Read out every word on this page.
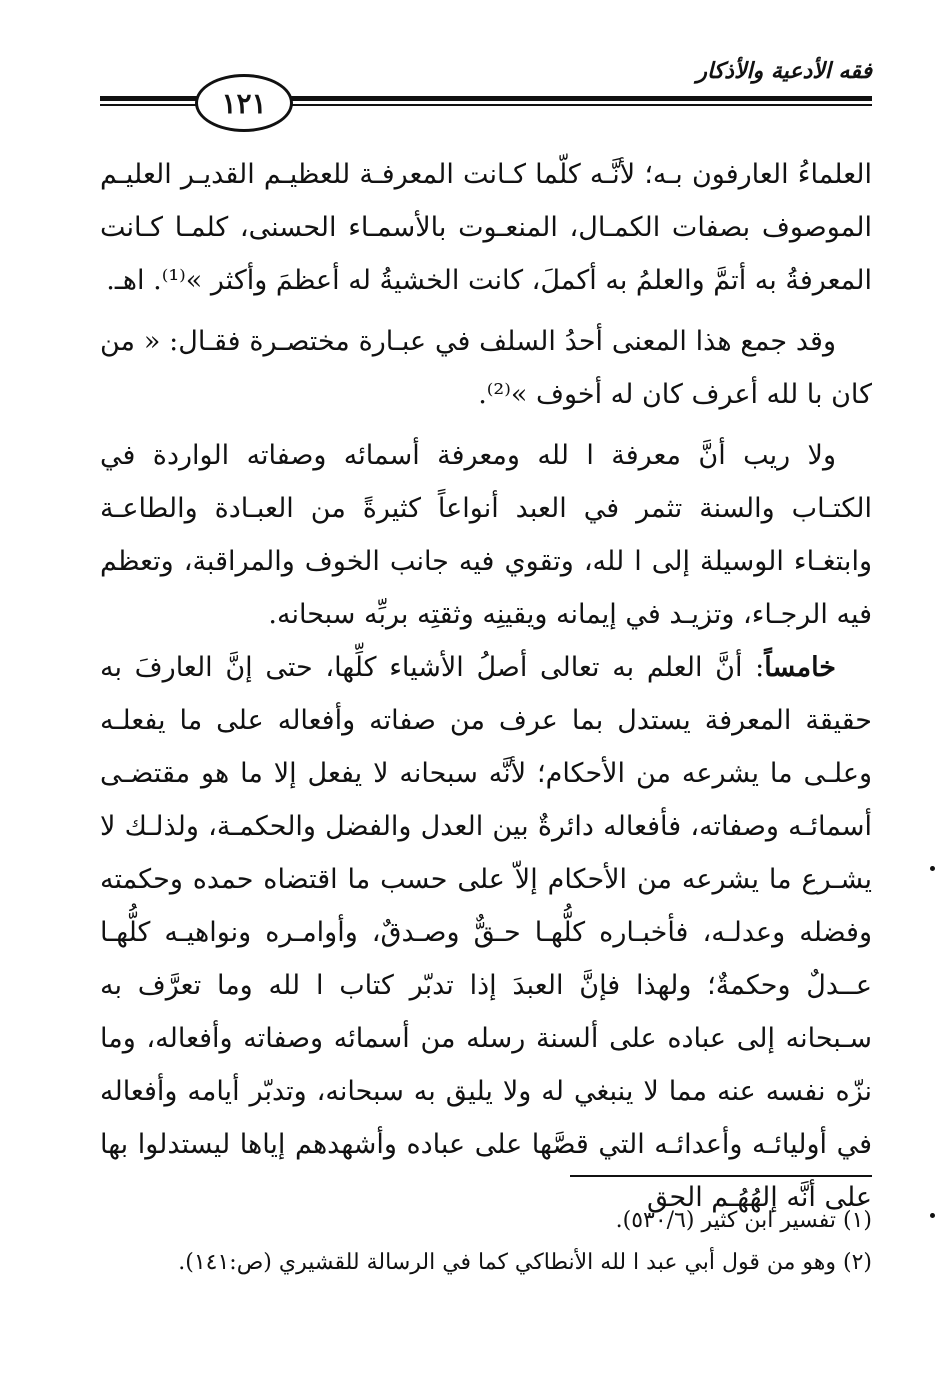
فقه الأدعية والأذكار
١٢١

العلماءُ العارفون بـه؛ لأنَّـه كلّما كـانت المعرفـة للعظيـم القديـر العليـم الموصوف بصفات الكمـال، المنعـوت بالأسمـاء الحسنى، كلمـا كـانت المعرفةُ به أتمَّ والعلمُ به أكملَ، كانت الخشيةُ له أعظمَ وأكثر »⁽¹⁾. اهـ.

وقد جمع هذا المعنى أحدُ السلف في عبـارة مختصـرة فقـال: « من كان با لله أعرف كان له أخوف »⁽²⁾.

ولا ريب أنَّ معرفة ا لله ومعرفة أسمائه وصفاته الواردة في الكتـاب والسنة تثمر في العبد أنواعاً كثيرةً من العبـادة والطاعـة وابتغـاء الوسيلة إلى ا لله، وتقوي فيه جانب الخوف والمراقبة، وتعظم فيه الرجـاء، وتزيـد في إيمانه ويقينِه وثقتِه بربِّه سبحانه.

خامساً: أنَّ العلم به تعالى أصلُ الأشياء كلِّها، حتى إنَّ العارفَ به حقيقة المعرفة يستدل بما عرف من صفاته وأفعاله على ما يفعلـه وعلـى ما يشرعه من الأحكام؛ لأنَّه سبحانه لا يفعل إلا ما هو مقتضـى أسمائـه وصفاته، فأفعاله دائرةٌ بين العدل والفضل والحكمـة، ولذلـك لا يشـرع ما يشرعه من الأحكام إلاّ على حسب ما اقتضاه حمده وحكمته وفضله وعدلـه، فأخبـاره كلُّهـا حـقٌّ وصـدقٌ، وأوامـره ونواهيـه كلُّهـا عــدلٌ وحكمةٌ؛ ولهذا فإنَّ العبدَ إذا تدبّر كتاب ا لله وما تعرَّف به سـبحانه إلى عباده على ألسنة رسله من أسمائه وصفاته وأفعاله، وما نزّه نفسه عنه مما لا ينبغي له ولا يليق به سبحانه، وتدبّر أيامه وأفعاله في أوليائـه وأعدائـه التي قصَّها على عباده وأشهدهم إياها ليستدلوا بها على أنَّه إلهُهُـم الحق

(١) تفسير ابن كثير (٥٣٠/٦).

(٢) وهو من قول أبي عبد ا لله الأنطاكي كما في الرسالة للقشيري (ص:١٤١).
